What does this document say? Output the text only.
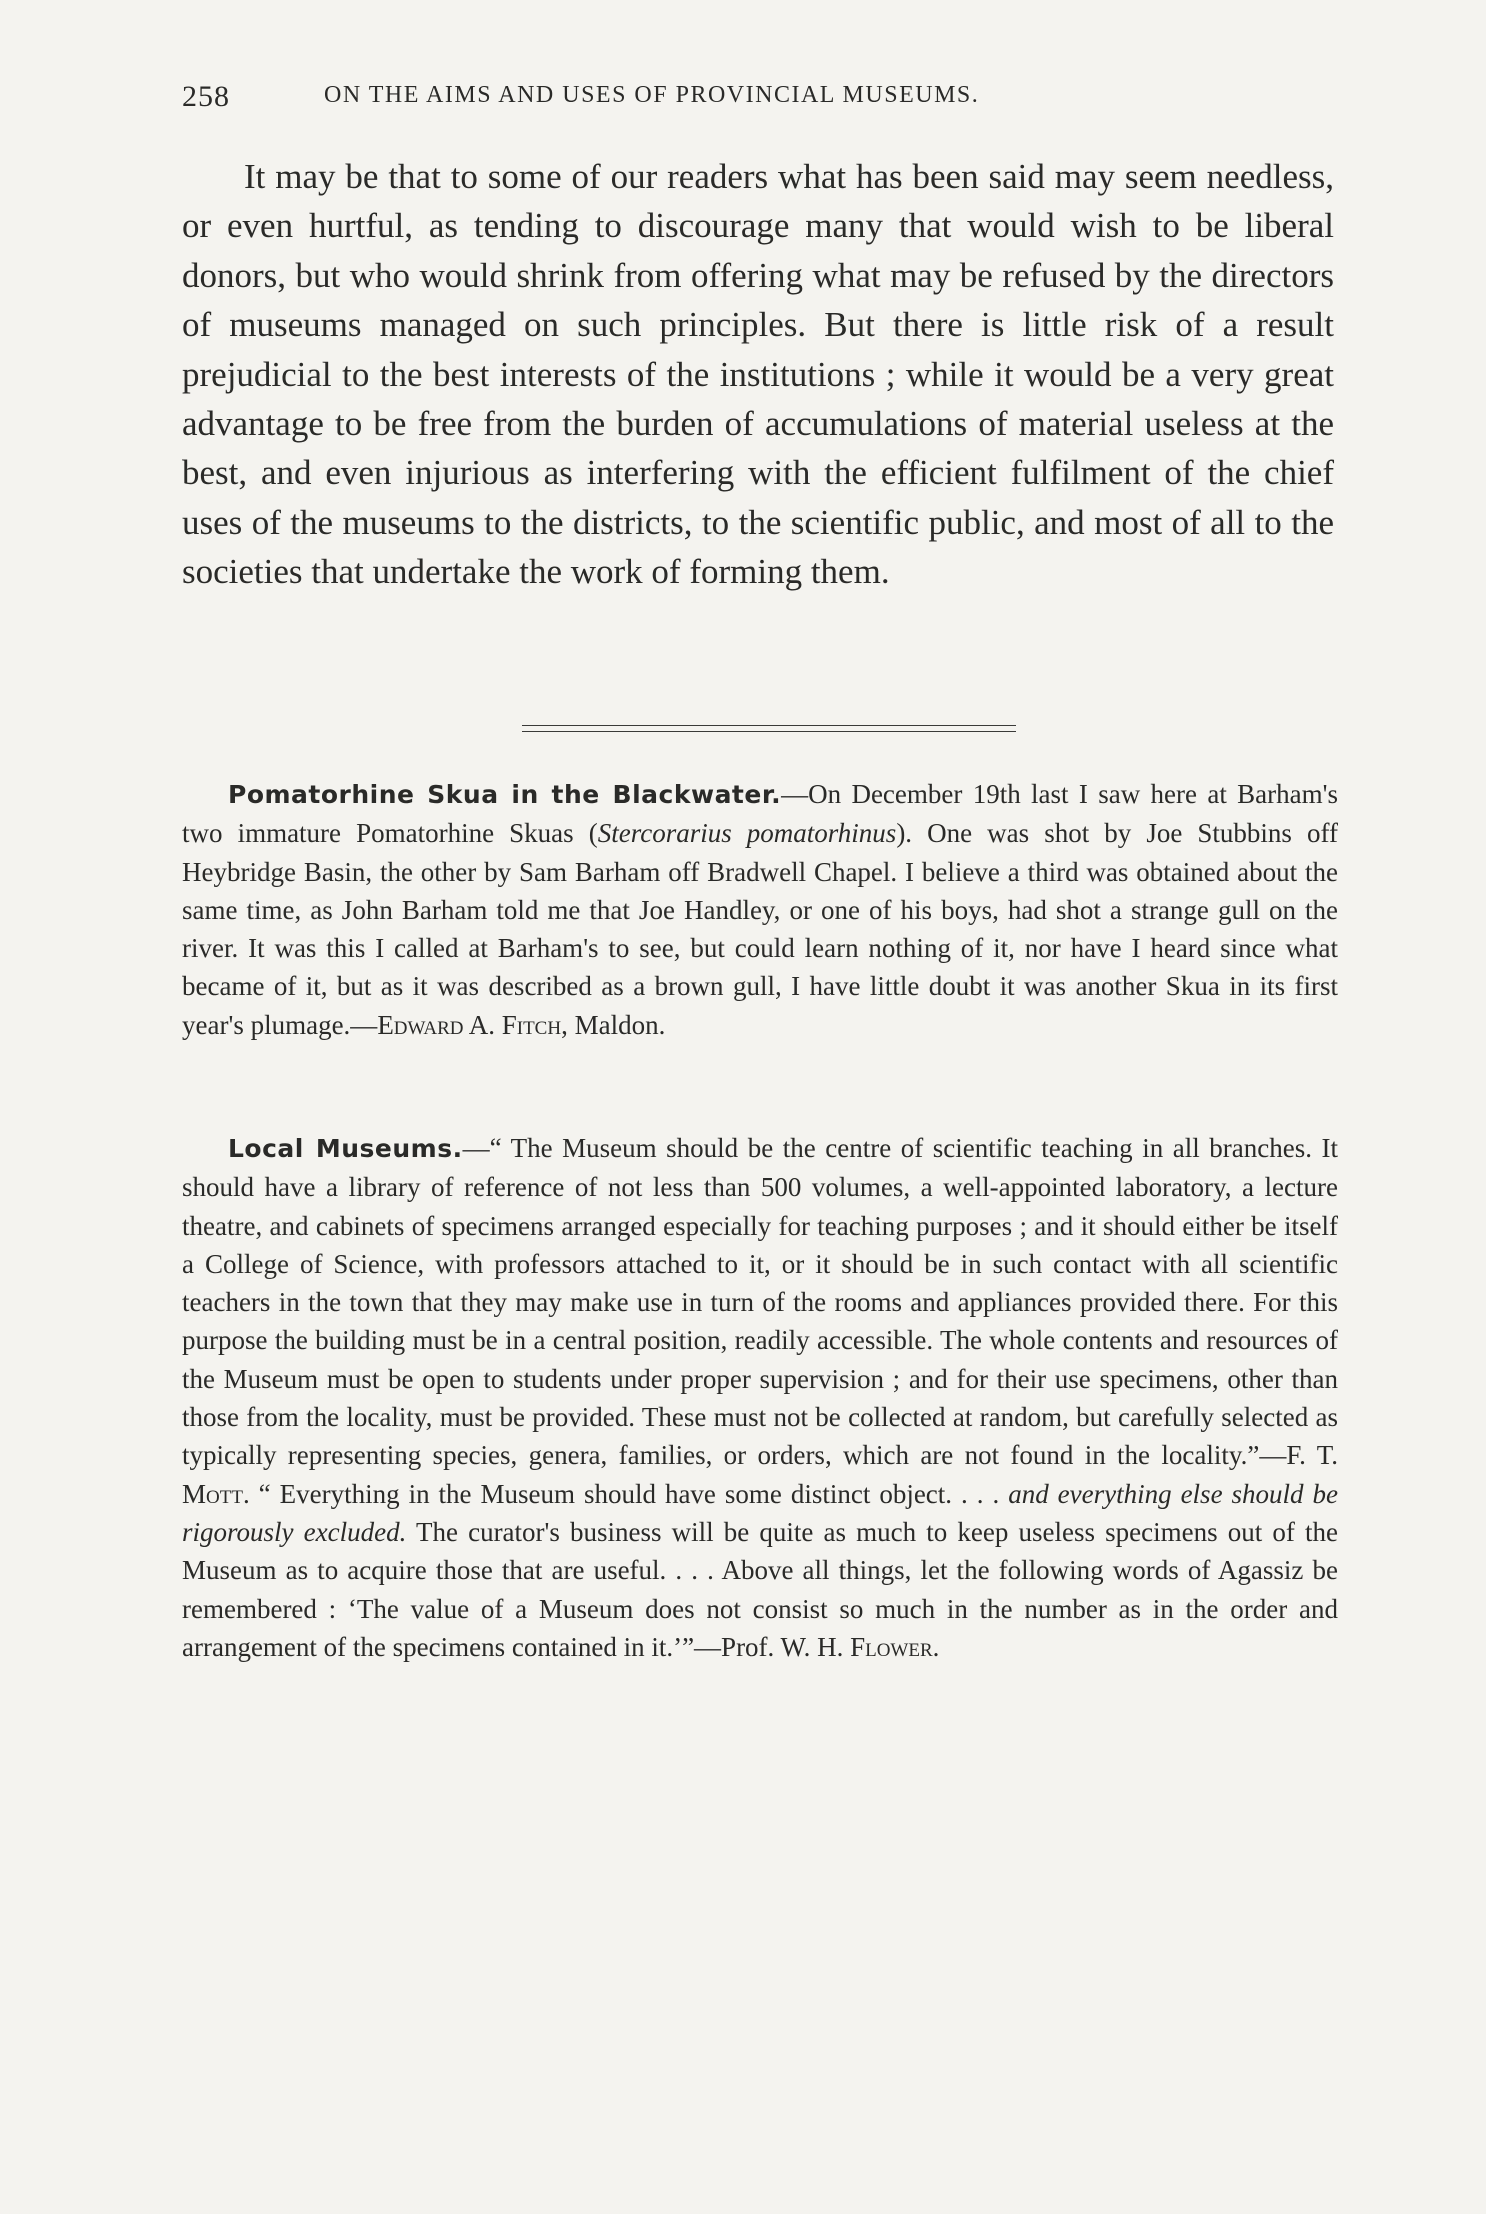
258	ON THE AIMS AND USES OF PROVINCIAL MUSEUMS.

It may be that to some of our readers what has been said may seem needless, or even hurtful, as tending to discourage many that would wish to be liberal donors, but who would shrink from offering what may be refused by the directors of museums managed on such principles. But there is little risk of a result prejudicial to the best interests of the institutions ; while it would be a very great advantage to be free from the burden of accumulations of material useless at the best, and even injurious as interfering with the efficient fulfilment of the chief uses of the museums to the districts, to the scientific public, and most of all to the societies that undertake the work of forming them.

Pomatorhine Skua in the Blackwater.—On December 19th last I saw here at Barham's two immature Pomatorhine Skuas (Stercorarius pomatorhinus). One was shot by Joe Stubbins off Heybridge Basin, the other by Sam Barham off Bradwell Chapel. I believe a third was obtained about the same time, as John Barham told me that Joe Handley, or one of his boys, had shot a strange gull on the river. It was this I called at Barham's to see, but could learn nothing of it, nor have I heard since what became of it, but as it was described as a brown gull, I have little doubt it was another Skua in its first year's plumage.—Edward A. Fitch, Maldon.

Local Museums.—“ The Museum should be the centre of scientific teaching in all branches. It should have a library of reference of not less than 500 volumes, a well-appointed laboratory, a lecture theatre, and cabinets of specimens arranged especially for teaching purposes ; and it should either be itself a College of Science, with professors attached to it, or it should be in such contact with all scientific teachers in the town that they may make use in turn of the rooms and appliances provided there. For this purpose the building must be in a central position, readily accessible. The whole contents and resources of the Museum must be open to students under proper supervision ; and for their use specimens, other than those from the locality, must be provided. These must not be collected at random, but carefully selected as typically representing species, genera, families, or orders, which are not found in the locality.”—F. T. Mott. “ Everything in the Museum should have some distinct object. . . . and everything else should be rigorously excluded. The curator's business will be quite as much to keep useless specimens out of the Museum as to acquire those that are useful. . . . Above all things, let the following words of Agassiz be remembered : ‘The value of a Museum does not consist so much in the number as in the order and arrangement of the specimens contained in it.’”—Prof. W. H. Flower.
